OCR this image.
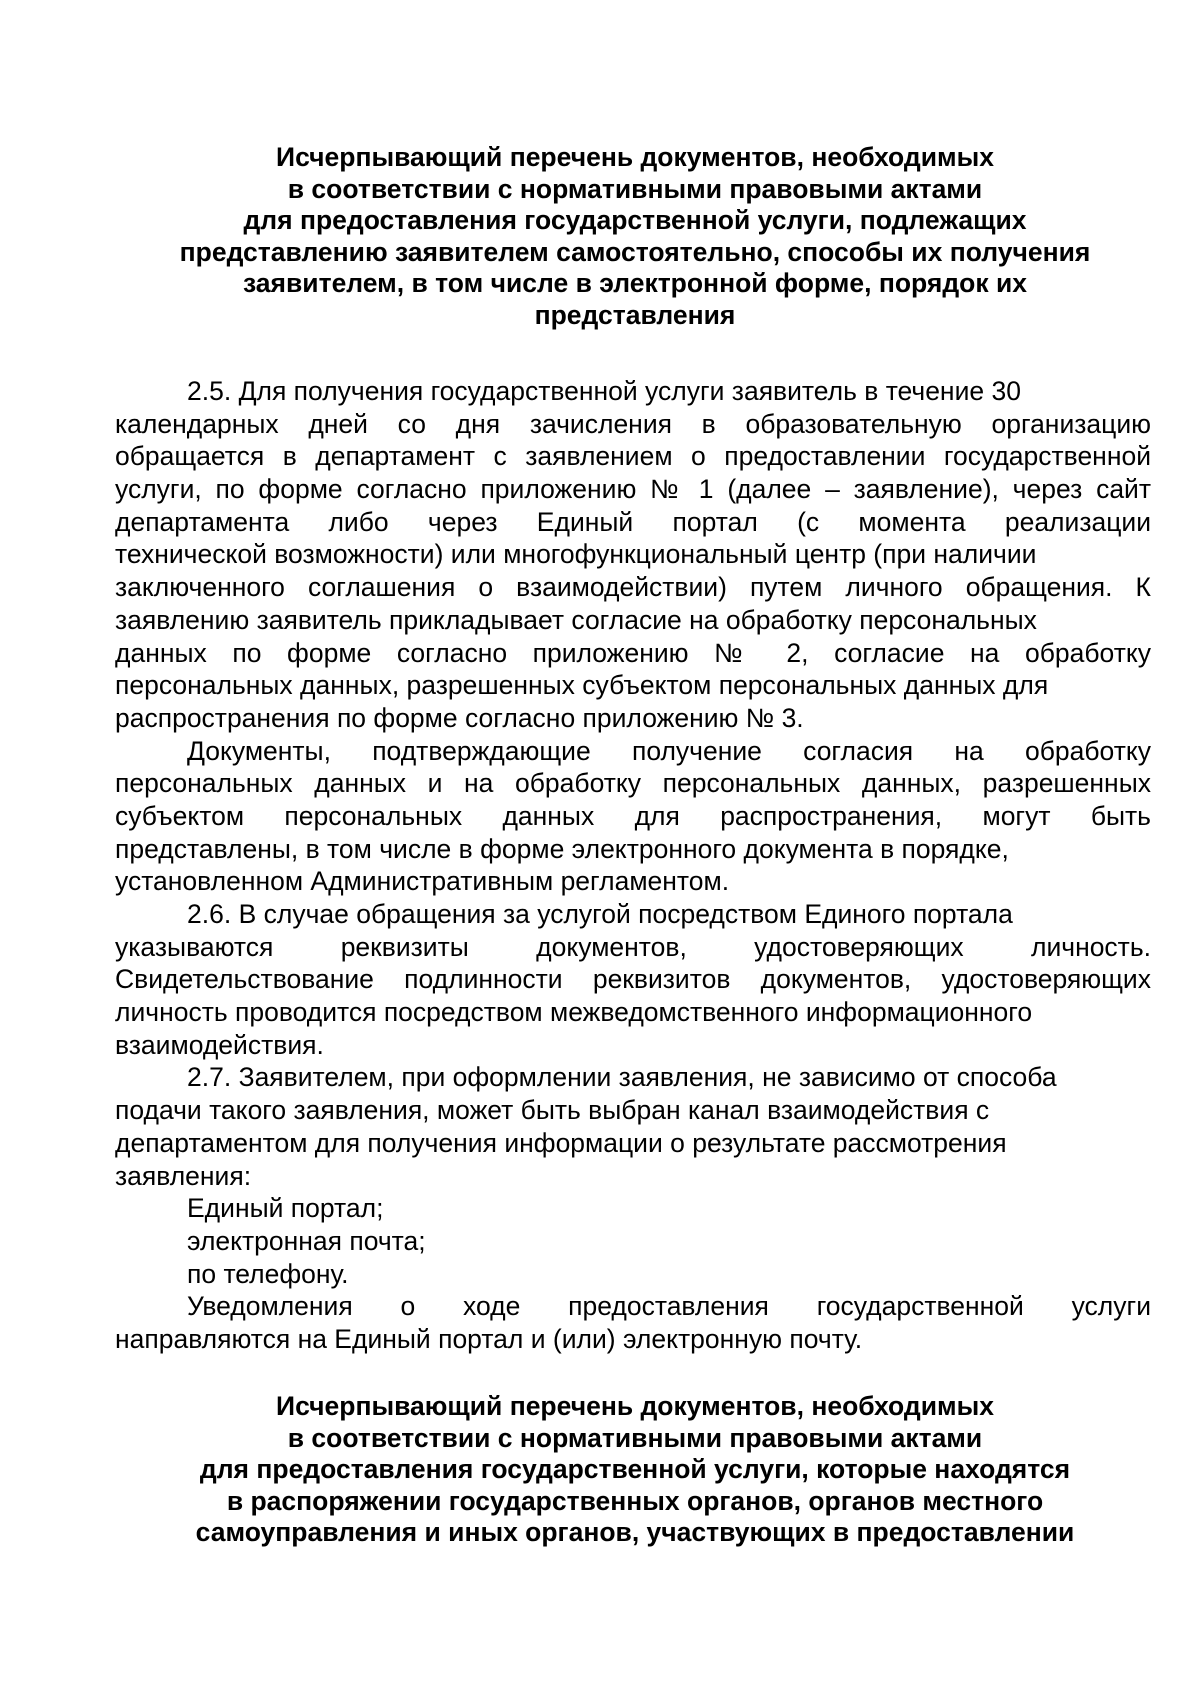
Исчерпывающий перечень документов, необходимых
в соответствии с нормативными правовыми актами
для предоставления государственной услуги, подлежащих
представлению заявителем самостоятельно, способы их получения
заявителем, в том числе в электронной форме, порядок их
представления
2.5. Для получения государственной услуги заявитель в течение 30
календарных дней со дня зачисления в образовательную организацию
обращается в департамент с заявлением о предоставлении государственной
услуги, по форме согласно приложению № 1 (далее – заявление), через сайт
департамента либо через Единый портал (с момента реализации
технической возможности) или многофункциональный центр (при наличии
заключенного соглашения о взаимодействии) путем личного обращения. К
заявлению заявитель прикладывает согласие на обработку персональных
данных по форме согласно приложению № 2, согласие на обработку
персональных данных, разрешенных субъектом персональных данных для
распространения по форме согласно приложению № 3.
Документы, подтверждающие получение согласия на обработку
персональных данных и на обработку персональных данных, разрешенных
субъектом персональных данных для распространения, могут быть
представлены, в том числе в форме электронного документа в порядке,
установленном Административным регламентом.
2.6. В случае обращения за услугой посредством Единого портала
указываются реквизиты документов, удостоверяющих личность.
Свидетельствование подлинности реквизитов документов, удостоверяющих
личность проводится посредством межведомственного информационного
взаимодействия.
2.7. Заявителем, при оформлении заявления, не зависимо от способа
подачи такого заявления, может быть выбран канал взаимодействия с
департаментом для получения информации о результате рассмотрения
заявления:
Единый портал;
электронная почта;
по телефону.
Уведомления о ходе предоставления государственной услуги
направляются на Единый портал и (или) электронную почту.
Исчерпывающий перечень документов, необходимых
в соответствии с нормативными правовыми актами
для предоставления государственной услуги, которые находятся
в распоряжении государственных органов, органов местного
самоуправления и иных органов, участвующих в предоставлении
